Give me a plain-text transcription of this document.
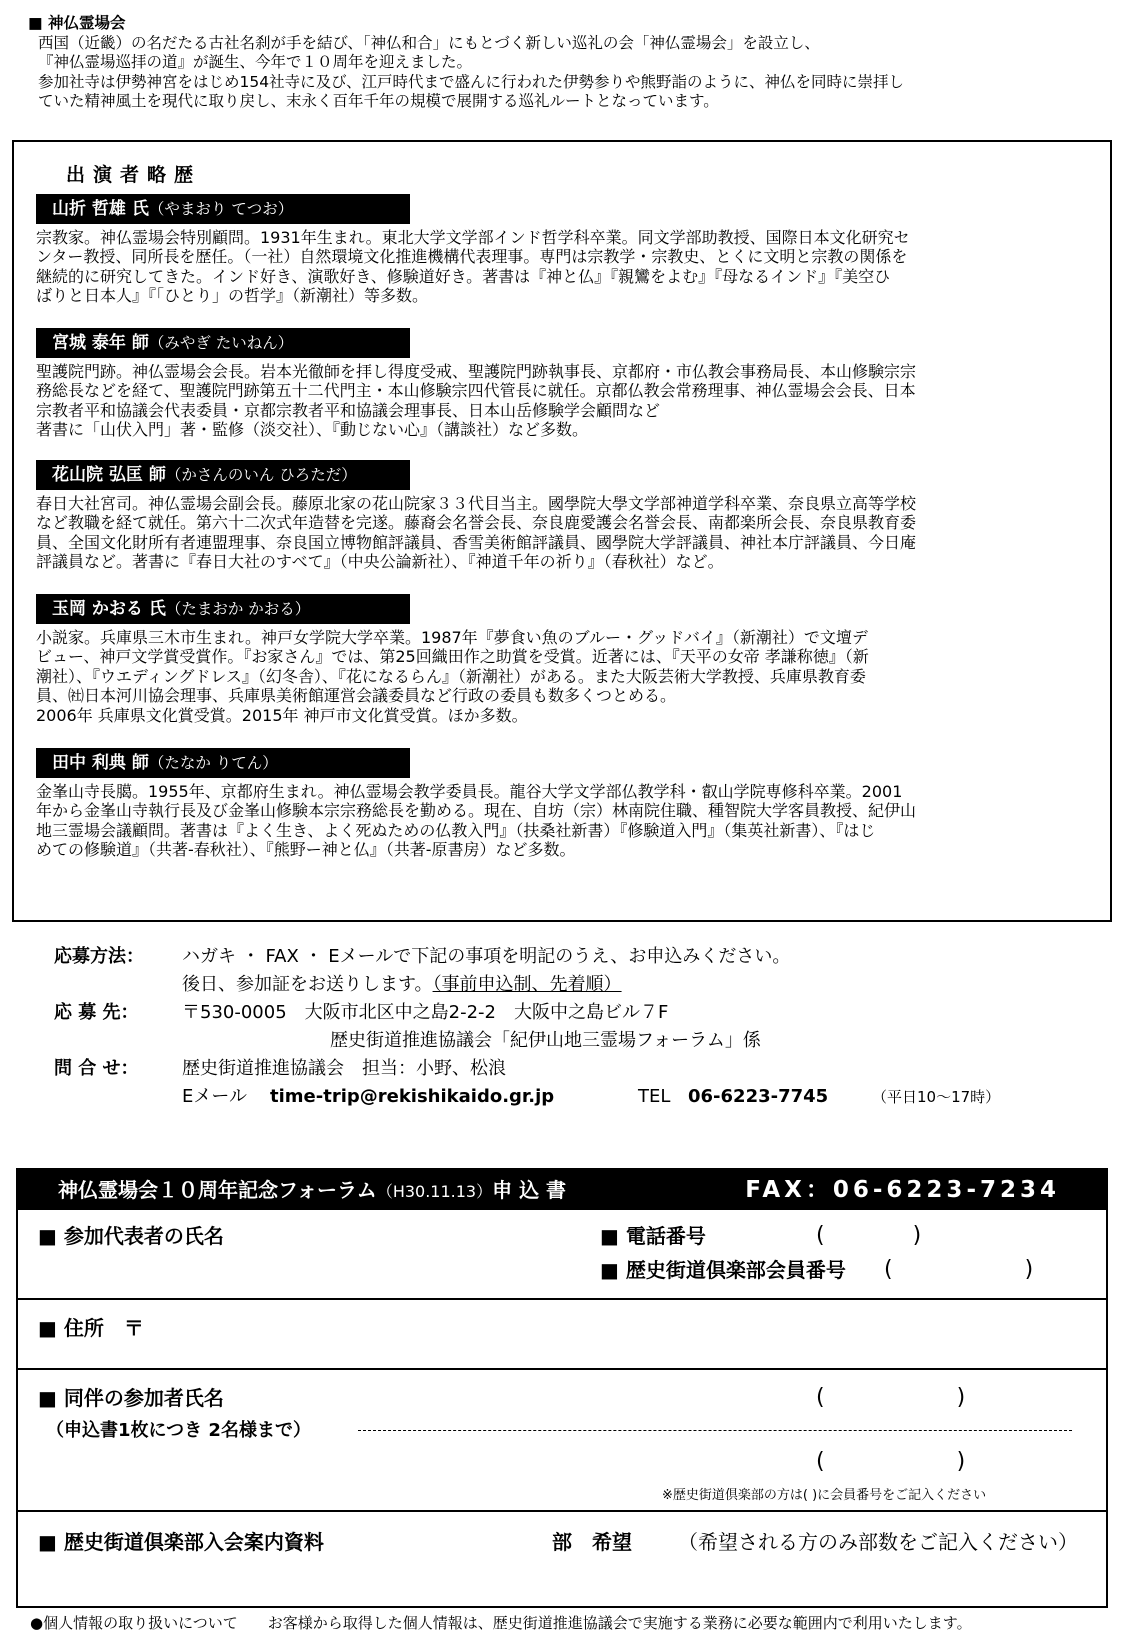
■ 神仏霊場会

西国（近畿）の名だたる古社名刹が手を結び、「神仏和合」にもとづく新しい巡礼の会「神仏霊場会」を設立し、

『神仏霊場巡拝の道』が誕生、今年で１０周年を迎えました。

参加社寺は伊勢神宮をはじめ154社寺に及び、江戸時代まで盛んに行われた伊勢参りや熊野詣のように、神仏を同時に崇拝し

ていた精神風土を現代に取り戻し、末永く百年千年の規模で展開する巡礼ルートとなっています。

出演者略歴
山折 哲雄 氏（やまおり てつお）
宗教家。神仏霊場会特別顧問。1931年生まれ。東北大学文学部インド哲学科卒業。同文学部助教授、国際日本文化研究セ
ンター教授、同所長を歴任。（一社）自然環境文化推進機構代表理事。専門は宗教学・宗教史、とくに文明と宗教の関係を
継続的に研究してきた。インド好き、演歌好き、修験道好き。著書は『神と仏』『親鸞をよむ』『母なるインド』『美空ひ
ばりと日本人』『「ひとり」の哲学』（新潮社）等多数。
宮城 泰年 師（みやぎ たいねん）
聖護院門跡。神仏霊場会会長。岩本光徹師を拝し得度受戒、聖護院門跡執事長、京都府・市仏教会事務局長、本山修験宗宗
務総長などを経て、聖護院門跡第五十二代門主・本山修験宗四代管長に就任。京都仏教会常務理事、神仏霊場会会長、日本
宗教者平和協議会代表委員・京都宗教者平和協議会理事長、日本山岳修験学会顧問など
著書に「山伏入門」著・監修（淡交社）、『動じない心』（講談社）など多数。
花山院 弘匡 師（かさんのいん ひろただ）
春日大社宮司。神仏霊場会副会長。藤原北家の花山院家３３代目当主。國學院大學文学部神道学科卒業、奈良県立高等学校
など教職を経て就任。第六十二次式年造替を完遂。藤裔会名誉会長、奈良鹿愛護会名誉会長、南都楽所会長、奈良県教育委
員、全国文化財所有者連盟理事、奈良国立博物館評議員、香雪美術館評議員、國學院大学評議員、神社本庁評議員、今日庵
評議員など。著書に『春日大社のすべて』（中央公論新社）、『神道千年の祈り』（春秋社）など。
玉岡 かおる 氏（たまおか かおる）
小説家。兵庫県三木市生まれ。神戸女学院大学卒業。1987年『夢食い魚のブルー・グッドバイ』（新潮社）で文壇デ
ビュー、神戸文学賞受賞作。『お家さん』では、第25回織田作之助賞を受賞。近著には、『天平の女帝 孝謙称徳』（新
潮社）、『ウエディングドレス』（幻冬舎）、『花になるらん』（新潮社）がある。また大阪芸術大学教授、兵庫県教育委
員、㈳日本河川協会理事、兵庫県美術館運営会議委員など行政の委員も数多くつとめる。
2006年 兵庫県文化賞受賞。2015年 神戸市文化賞受賞。ほか多数。
田中 利典 師（たなか りてん）
金峯山寺長臈。1955年、京都府生まれ。神仏霊場会教学委員長。龍谷大学文学部仏教学科・叡山学院専修科卒業。2001
年から金峯山寺執行長及び金峯山修験本宗宗務総長を勤める。現在、自坊（宗）林南院住職、種智院大学客員教授、紀伊山
地三霊場会議顧問。著書は『よく生き、よく死ぬための仏教入門』（扶桑社新書）『修験道入門』（集英社新書）、『はじ
めての修験道』（共著‐春秋社）、『熊野ー神と仏』（共著‐原書房）など多数。
応募方法： ハガキ ・ FAX ・ Eメールで下記の事項を明記のうえ、お申込みください。
後日、参加証をお送りします。（事前申込制、先着順）
応 募 先： 〒530-0005　大阪市北区中之島2-2-2　大阪中之島ビル７F
歴史街道推進協議会「紀伊山地三霊場フォーラム」係
問 合 せ： 歴史街道推進協議会　担当：小野、松浪
Eメール time-trip@rekishikaido.gr.jp	TEL 06-6223-7745	（平日10～17時）
神仏霊場会１０周年記念フォーラム（H30.11.13）申 込 書	FAX：06-6223-7234
■ 参加代表者の氏名	■ 電話番号	(　　　　)
■ 歴史街道倶楽部会員番号 (　　　　　　)
■ 住所　〒
■ 同伴の参加者氏名	(　　　　　　)
（申込書1枚につき 2名様まで）
(　　　　　　)
※歴史街道倶楽部の方は( )に会員番号をご記入ください
■ 歴史街道倶楽部入会案内資料	部　希望 （希望される方のみ部数をご記入ください）
●個人情報の取り扱いについて　　お客様から取得した個人情報は、歴史街道推進協議会で実施する業務に必要な範囲内で利用いたします。
